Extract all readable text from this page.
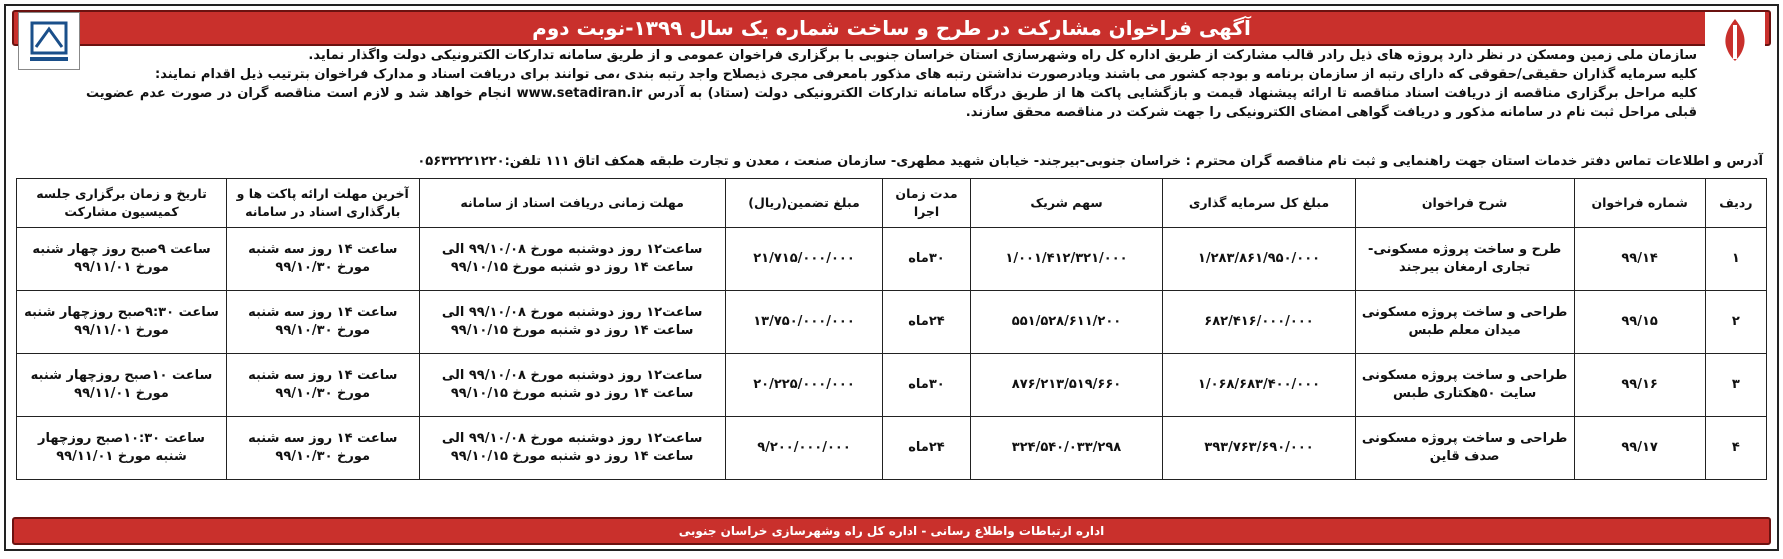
آگهی فراخوان مشارکت در طرح و ساخت شماره یک سال ۱۳۹۹-نوبت دوم

سازمان ملی زمین ومسکن در نظر دارد پروژه های ذیل رادر قالب مشارکت از طریق اداره کل راه وشهرسازی استان خراسان جنوبی با برگزاری فراخوان عمومی و از طریق سامانه تدارکات الکترونیکی دولت واگذار نماید.

کلیه سرمایه گذاران حقیقی/حقوقی که دارای رتبه از سازمان برنامه و بودجه کشور می باشند ویادرصورت نداشتن رتبه های مذکور بامعرفی مجری ذیصلاح واجد رتبه بندی ،می توانند برای دریافت اسناد و مدارک فراخوان بترتیب ذیل اقدام نمایند:

کلیه مراحل برگزاری مناقصه از دریافت اسناد مناقصه تا ارائه پیشنهاد قیمت و بازگشایی پاکت ها از طریق درگاه سامانه تدارکات الکترونیکی دولت (ستاد) به آدرس www.setadiran.ir انجام خواهد شد و لازم است مناقصه گران در صورت عدم عضویت قبلی مراحل ثبت نام در سامانه مذکور و دریافت گواهی امضای الکترونیکی را جهت شرکت در مناقصه محقق سازند.

آدرس و اطلاعات تماس دفتر خدمات استان جهت راهنمایی و ثبت نام مناقصه گران محترم : خراسان جنوبی-بیرجند- خیابان شهید مطهری- سازمان صنعت ، معدن و تجارت طبقه همکف اتاق ۱۱۱ تلفن:۰۵۶۳۲۲۲۱۲۲۰
ردیف	شماره فراخوان	شرح فراخوان	مبلغ کل سرمایه گذاری	سهم شریک	مدت زمان اجرا	مبلغ تضمین(ریال)	مهلت زمانی دریافت اسناد از سامانه	آخرین مهلت ارائه پاکت ها و بارگذاری اسناد در سامانه	تاریخ و زمان برگزاری جلسه کمیسیون مشارکت
۱	۹۹/۱۴	طرح و ساخت پروژه مسکونی- تجاری ارمغان بیرجند	۱/۲۸۳/۸۶۱/۹۵۰/۰۰۰	۱/۰۰۱/۴۱۲/۳۲۱/۰۰۰	۳۰ماه	۲۱/۷۱۵/۰۰۰/۰۰۰	ساعت۱۲ روز دوشنبه مورخ ۹۹/۱۰/۰۸ الی ساعت ۱۴ روز دو شنبه مورخ ۹۹/۱۰/۱۵	ساعت ۱۴ روز سه شنبه مورخ ۹۹/۱۰/۳۰	ساعت ۹صبح روز چهار شنبه مورخ ۹۹/۱۱/۰۱
۲	۹۹/۱۵	طراحی و ساخت پروژه مسکونی میدان معلم طبس	۶۸۲/۴۱۶/۰۰۰/۰۰۰	۵۵۱/۵۲۸/۶۱۱/۲۰۰	۲۴ماه	۱۳/۷۵۰/۰۰۰/۰۰۰	ساعت۱۲ روز دوشنبه مورخ ۹۹/۱۰/۰۸ الی ساعت ۱۴ روز دو شنبه مورخ ۹۹/۱۰/۱۵	ساعت ۱۴ روز سه شنبه مورخ ۹۹/۱۰/۳۰	ساعت ۹:۳۰صبح روزچهار شنبه مورخ ۹۹/۱۱/۰۱
۳	۹۹/۱۶	طراحی و ساخت پروژه مسکونی سایت ۵۰هکتاری طبس	۱/۰۶۸/۶۸۳/۴۰۰/۰۰۰	۸۷۶/۲۱۳/۵۱۹/۶۶۰	۳۰ماه	۲۰/۲۲۵/۰۰۰/۰۰۰	ساعت۱۲ روز دوشنبه مورخ ۹۹/۱۰/۰۸ الی ساعت ۱۴ روز دو شنبه مورخ ۹۹/۱۰/۱۵	ساعت ۱۴ روز سه شنبه مورخ ۹۹/۱۰/۳۰	ساعت ۱۰صبح روزچهار شنبه مورخ ۹۹/۱۱/۰۱
۴	۹۹/۱۷	طراحی و ساخت پروژه مسکونی صدف قاین	۳۹۳/۷۶۳/۶۹۰/۰۰۰	۳۲۴/۵۴۰/۰۳۳/۲۹۸	۲۴ماه	۹/۲۰۰/۰۰۰/۰۰۰	ساعت۱۲ روز دوشنبه مورخ ۹۹/۱۰/۰۸ الی ساعت ۱۴ روز دو شنبه مورخ ۹۹/۱۰/۱۵	ساعت ۱۴ روز سه شنبه مورخ ۹۹/۱۰/۳۰	ساعت ۱۰:۳۰صبح روزچهار شنبه مورخ ۹۹/۱۱/۰۱
اداره ارتباطات واطلاع رسانی - اداره کل راه وشهرسازی خراسان جنوبی
